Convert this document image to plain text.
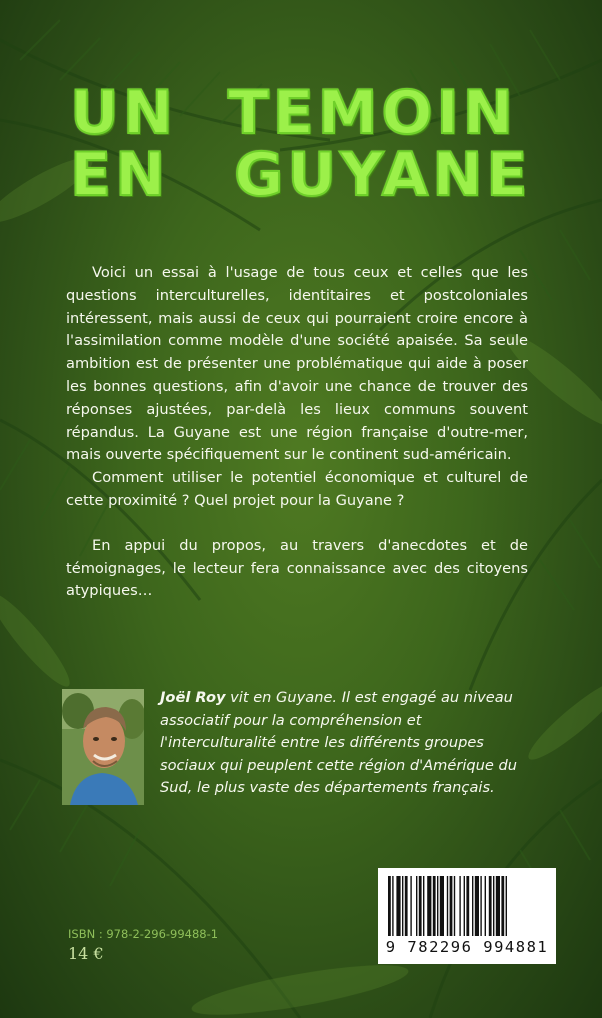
UN TEMOIN
EN GUYANE

Voici un essai à l'usage de tous ceux et celles que les questions interculturelles, identitaires et postcoloniales intéressent, mais aussi de ceux qui pourraient croire encore à l'assimilation comme modèle d'une société apaisée. Sa seule ambition est de présenter une problématique qui aide à poser les bonnes questions, afin d'avoir une chance de trouver des réponses ajustées, par-delà les lieux communs souvent répandus. La Guyane est une région française d'outre-mer, mais ouverte spécifiquement sur le continent sud-américain.

Comment utiliser le potentiel économique et culturel de cette proximité ? Quel projet pour la Guyane ?

En appui du propos, au travers d'anecdotes et de témoignages, le lecteur fera connaissance avec des citoyens atypiques…

Joël Roy vit en Guyane. Il est engagé au niveau associatif pour la compréhension et l'interculturalité entre les différents groupes sociaux qui peuplent cette région d'Amérique du Sud, le plus vaste des départements français.

9 782296 994881
ISBN : 978-2-296-99488-1
14 €
